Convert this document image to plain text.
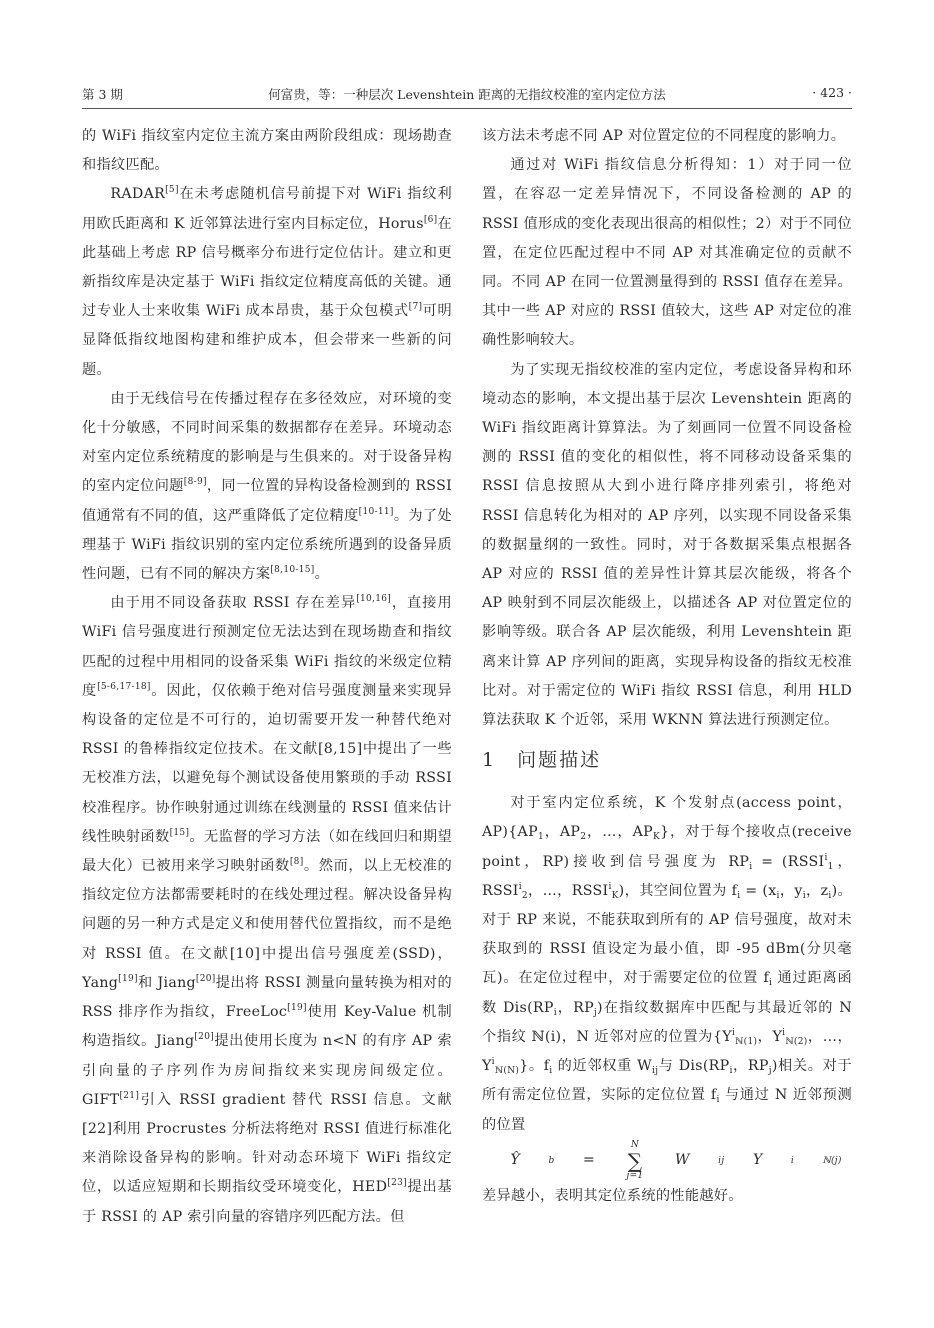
第 3 期	何富贵，等：一种层次 Levenshtein 距离的无指纹校准的室内定位方法	· 423 ·

的 WiFi 指纹室内定位主流方案由两阶段组成：现场勘查和指纹匹配。

RADAR[5]在未考虑随机信号前提下对 WiFi 指纹利用欧氏距离和 K 近邻算法进行室内目标定位，Horus[6]在此基础上考虑 RP 信号概率分布进行定位估计。建立和更新指纹库是决定基于 WiFi 指纹定位精度高低的关键。通过专业人士来收集 WiFi 成本昂贵，基于众包模式[7]可明显降低指纹地图构建和维护成本，但会带来一些新的问题。

由于无线信号在传播过程存在多径效应，对环境的变化十分敏感，不同时间采集的数据都存在差异。环境动态对室内定位系统精度的影响是与生俱来的。对于设备异构的室内定位问题[8-9]，同一位置的异构设备检测到的 RSSI 值通常有不同的值，这严重降低了定位精度[10-11]。为了处理基于 WiFi 指纹识别的室内定位系统所遇到的设备异质性问题，已有不同的解决方案[8,10-15]。

由于用不同设备获取 RSSI 存在差异[10,16]，直接用 WiFi 信号强度进行预测定位无法达到在现场勘查和指纹匹配的过程中用相同的设备采集 WiFi 指纹的米级定位精度[5-6,17-18]。因此，仅依赖于绝对信号强度测量来实现异构设备的定位是不可行的，迫切需要开发一种替代绝对 RSSI 的鲁棒指纹定位技术。在文献[8,15]中提出了一些无校准方法，以避免每个测试设备使用繁琐的手动 RSSI 校准程序。协作映射通过训练在线测量的 RSSI 值来估计线性映射函数[15]。无监督的学习方法（如在线回归和期望最大化）已被用来学习映射函数[8]。然而，以上无校准的指纹定位方法都需要耗时的在线处理过程。解决设备异构问题的另一种方式是定义和使用替代位置指纹，而不是绝对 RSSI 值。在文献[10]中提出信号强度差(SSD)，Yang[19]和 Jiang[20]提出将 RSSI 测量向量转换为相对的 RSS 排序作为指纹，FreeLoc[19]使用 Key-Value 机制构造指纹。Jiang[20]提出使用长度为 n<N 的有序 AP 索引向量的子序列作为房间指纹来实现房间级定位。GIFT[21]引入 RSSI gradient 替代 RSSI 信息。文献[22]利用 Procrustes 分析法将绝对 RSSI 值进行标准化来消除设备异构的影响。针对动态环境下 WiFi 指纹定位，以适应短期和长期指纹受环境变化，HED[23]提出基于 RSSI 的 AP 索引向量的容错序列匹配方法。但

该方法未考虑不同 AP 对位置定位的不同程度的影响力。

通过对 WiFi 指纹信息分析得知：1）对于同一位置，在容忍一定差异情况下，不同设备检测的 AP 的 RSSI 值形成的变化表现出很高的相似性；2）对于不同位置，在定位匹配过程中不同 AP 对其准确定位的贡献不同。不同 AP 在同一位置测量得到的 RSSI 值存在差异。其中一些 AP 对应的 RSSI 值较大，这些 AP 对定位的准确性影响较大。

为了实现无指纹校准的室内定位，考虑设备异构和环境动态的影响，本文提出基于层次 Levenshtein 距离的 WiFi 指纹距离计算算法。为了刻画同一位置不同设备检测的 RSSI 值的变化的相似性，将不同移动设备采集的 RSSI 信息按照从大到小进行降序排列索引，将绝对 RSSI 信息转化为相对的 AP 序列，以实现不同设备采集的数据量纲的一致性。同时，对于各数据采集点根据各 AP 对应的 RSSI 值的差异性计算其层次能级，将各个 AP 映射到不同层次能级上，以描述各 AP 对位置定位的影响等级。联合各 AP 层次能级，利用 Levenshtein 距离来计算 AP 序列间的距离，实现异构设备的指纹无校准比对。对于需定位的 WiFi 指纹 RSSI 信息，利用 HLD 算法获取 K 个近邻，采用 WKNN 算法进行预测定位。

1　问题描述

对于室内定位系统，K 个发射点(access point，$AP)\{AP_1$，$AP_2$，…，$AP_K$}，对于每个接收点(receive point，RP)接收到信号强度为 $RP_i$ = ($RSSI^i_1$，$RSSI^i_2$，…，$RSSI^i_K$)，其空间位置为 $f_i = (x_i$，$y_i$，$z_i$)。对于 RP 来说，不能获取到所有的 AP 信号强度，故对未获取到的 RSSI 值设定为最小值，即 -95 dBm(分贝毫瓦)。在定位过程中，对于需要定位的位置 $f_i$ 通过距离函数 $Dis(RP_i$，$RP_j$)在指纹数据库中匹配与其最近邻的 N 个指纹 ℕ(i)，N 近邻对应的位置为{$Y^i_{ℕ(1)}$，$Y^i_{ℕ(2)}$，…，$Y^i_{ℕ(N)}$}。$f_i$ 的近邻权重 $W_{ij}$与 $Dis(RP_i$，$RP_j$)相关。对于所有需定位位置，实际的定位位置 $f_i$ 与通过 N 近邻预测的位置

Ŷ	b	=
N
∑
j=1
W	ij	Y	i	ℕ(j)
差异越小，表明其定位系统的性能越好。
